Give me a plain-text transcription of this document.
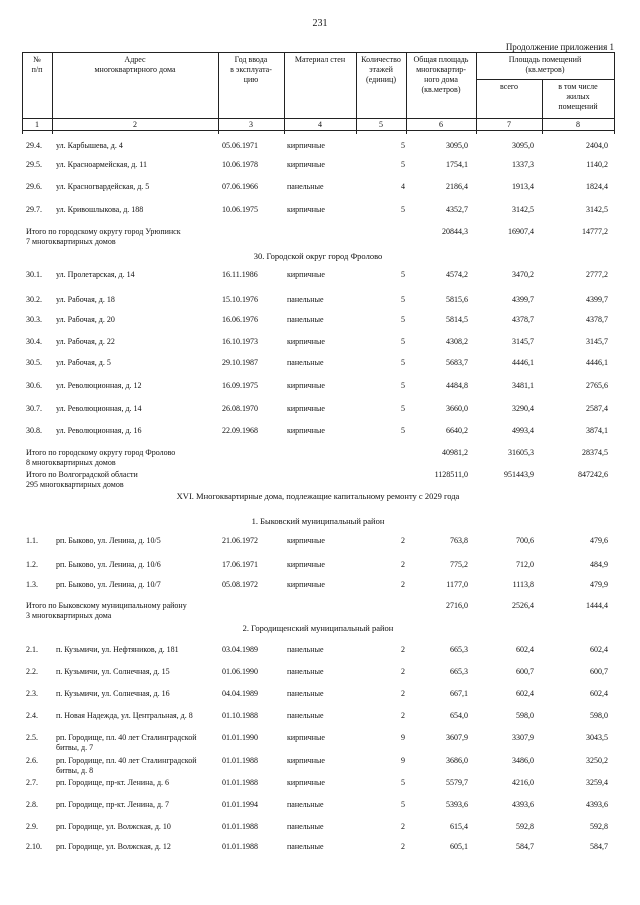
231
Продолжение приложения 1
№
п/п
Адрес
многоквартирного дома
Год ввода
в эксплуата-
цию
Материал стен	Количество
этажей
(единиц)
Общая площадь
многоквартир-
ного дома
(кв.метров)
Площадь помещений
(кв.метров)
всего	в том числе
жилых
помещений
1	2	3	4	5	6	7	8
29.4. ул. Карбышева, д. 4	05.06.1971	кирпичные	5	3095,0	3095,0	2404,0
29.5. ул. Красноармейская, д. 11	10.06.1978	кирпичные	5	1754,1	1337,3	1140,2
29.6. ул. Красногвардейская, д. 5	07.06.1966	панельные	4	2186,4	1913,4	1824,4
29.7. ул. Кривошлыкова, д. 188	10.06.1975	кирпичные	5	4352,7	3142,5	3142,5
Итого по городскому округу город Урюпинск
7 многоквартирных домов
20844,3	16907,4	14777,2
30. Городской округ город Фролово
30.1. ул. Пролетарская, д. 14	16.11.1986	кирпичные	5	4574,2	3470,2	2777,2
30.2. ул. Рабочая, д. 18	15.10.1976	панельные	5	5815,6	4399,7	4399,7
30.3. ул. Рабочая, д. 20	16.06.1976	панельные	5	5814,5	4378,7	4378,7
30.4. ул. Рабочая, д. 22	16.10.1973	кирпичные	5	4308,2	3145,7	3145,7
30.5. ул. Рабочая, д. 5	29.10.1987	панельные	5	5683,7	4446,1	4446,1
30.6. ул. Революционная, д. 12	16.09.1975	кирпичные	5	4484,8	3481,1	2765,6
30.7. ул. Революционная, д. 14	26.08.1970	кирпичные	5	3660,0	3290,4	2587,4
30.8. ул. Революционная, д. 16	22.09.1968	кирпичные	5	6640,2	4993,4	3874,1
Итого по городскому округу город Фролово
8 многоквартирных домов
40981,2	31605,3	28374,5
Итого по Волгоградской области
295 многоквартирных домов
1128511,0	951443,9	847242,6
XVI. Многоквартирные дома, подлежащие капитальному ремонту с 2029 года
1. Быковский муниципальный район
1.1. рп. Быково, ул. Ленина, д. 10/5	21.06.1972	кирпичные	2	763,8	700,6	479,6
1.2. рп. Быково, ул. Ленина, д. 10/6	17.06.1971	кирпичные	2	775,2	712,0	484,9
1.3. рп. Быково, ул. Ленина, д. 10/7	05.08.1972	кирпичные	2	1177,0	1113,8	479,9
Итого по Быковскому муниципальному району
3 многоквартирных дома
2716,0	2526,4	1444,4
2. Городищенский муниципальный район
2.1. п. Кузьмичи, ул. Нефтяников, д. 181	03.04.1989	панельные	2	665,3	602,4	602,4
2.2. п. Кузьмичи, ул. Солнечная, д. 15	01.06.1990	панельные	2	665,3	600,7	600,7
2.3. п. Кузьмичи, ул. Солнечная, д. 16	04.04.1989	панельные	2	667,1	602,4	602,4
2.4. п. Новая Надежда, ул. Центральная, д. 8	01.10.1988	панельные	2	654,0	598,0	598,0
2.5. рп. Городище, пл. 40 лет Сталинградской битвы, д. 7
01.01.1990	кирпичные	9	3607,9	3307,9	3043,5
2.6. рп. Городище, пл. 40 лет Сталинградской битвы, д. 8
01.01.1988	кирпичные	9	3686,0	3486,0	3250,2
2.7. рп. Городище, пр-кт. Ленина, д. 6	01.01.1988	кирпичные	5	5579,7	4216,0	3259,4
2.8. рп. Городище, пр-кт. Ленина, д. 7	01.01.1994	панельные	5	5393,6	4393,6	4393,6
2.9. рп. Городище, ул. Волжская, д. 10	01.01.1988	панельные	2	615,4	592,8	592,8
2.10. рп. Городище, ул. Волжская, д. 12	01.01.1988	панельные	2	605,1	584,7	584,7
